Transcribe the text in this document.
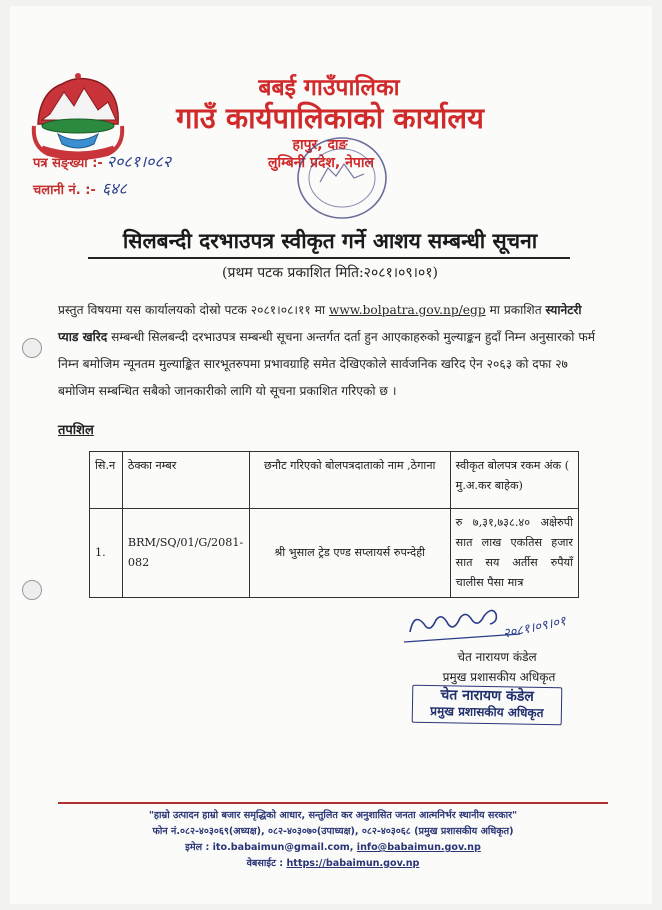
बबई गाउँपालिका
गाउँ कार्यपालिकाको कार्यालय
हापुर, दाङ
लुम्बिनी प्रदेश, नेपाल
पत्र सङ्ख्या :- २०८१।०८२
चलानी नं. :- ६४८
सिलबन्दी दरभाउपत्र स्वीकृत गर्ने आशय सम्बन्धी सूचना
(प्रथम पटक प्रकाशित मिति:२०८१।०९।०१)
प्रस्तुत विषयमा यस कार्यालयको दोस्रो पटक २०८१।०८।११ मा www.bolpatra.gov.np/egp मा प्रकाशित स्यानेटरी प्याड खरिद सम्बन्धी सिलबन्दी दरभाउपत्र सम्बन्धी सूचना अन्तर्गत दर्ता हुन आएकाहरुको मुल्याङ्कन हुदाँ निम्न अनुसारको फर्म निम्न बमोजिम न्यूनतम मुल्याङ्कित सारभूतरुपमा प्रभावग्राहि समेत देखिएकोले सार्वजनिक खरिद ऐन २०६३ को दफा २७ बमोजिम सम्बन्धित सबैको जानकारीको लागि यो सूचना प्रकाशित गरिएको छ ।
तपशिल
सि.न	ठेक्का नम्बर	छनौट गरिएको बोलपत्रदाताको नाम ,ठेगाना	स्वीकृत बोलपत्र रकम अंक ( मु.अ.कर बाहेक)
1.	BRM/SQ/01/G/2081-082	श्री भुसाल ट्रेड एण्ड सप्लायर्स रुपन्देही	रु ७,३१,७३८.४० अक्षेरुपी सात लाख एकतिस हजार सात सय अर्तीस रुपैयाँ चालीस पैसा मात्र
२०८१।०९।०१
चेत नारायण कंडेल
प्रमुख प्रशासकीय अधिकृत
चेत नारायण कंडेल
प्रमुख प्रशासकीय अधिकृत
"हाम्रो उत्पादन हाम्रो बजार समृद्धिको आधार, सन्तुलित कर अनुशासित जनता आत्मनिर्भर स्थानीय सरकार"
फोन नं.०८२-४०३०६९(अध्यक्ष), ०८२-४०३०७०(उपाध्यक्ष), ०८२-४०३०६८ (प्रमुख प्रशासकीय अधिकृत)
इमेल : ito.babaimun@gmail.com, info@babaimun.gov.np
वेबसाईट : https://babaimun.gov.np
